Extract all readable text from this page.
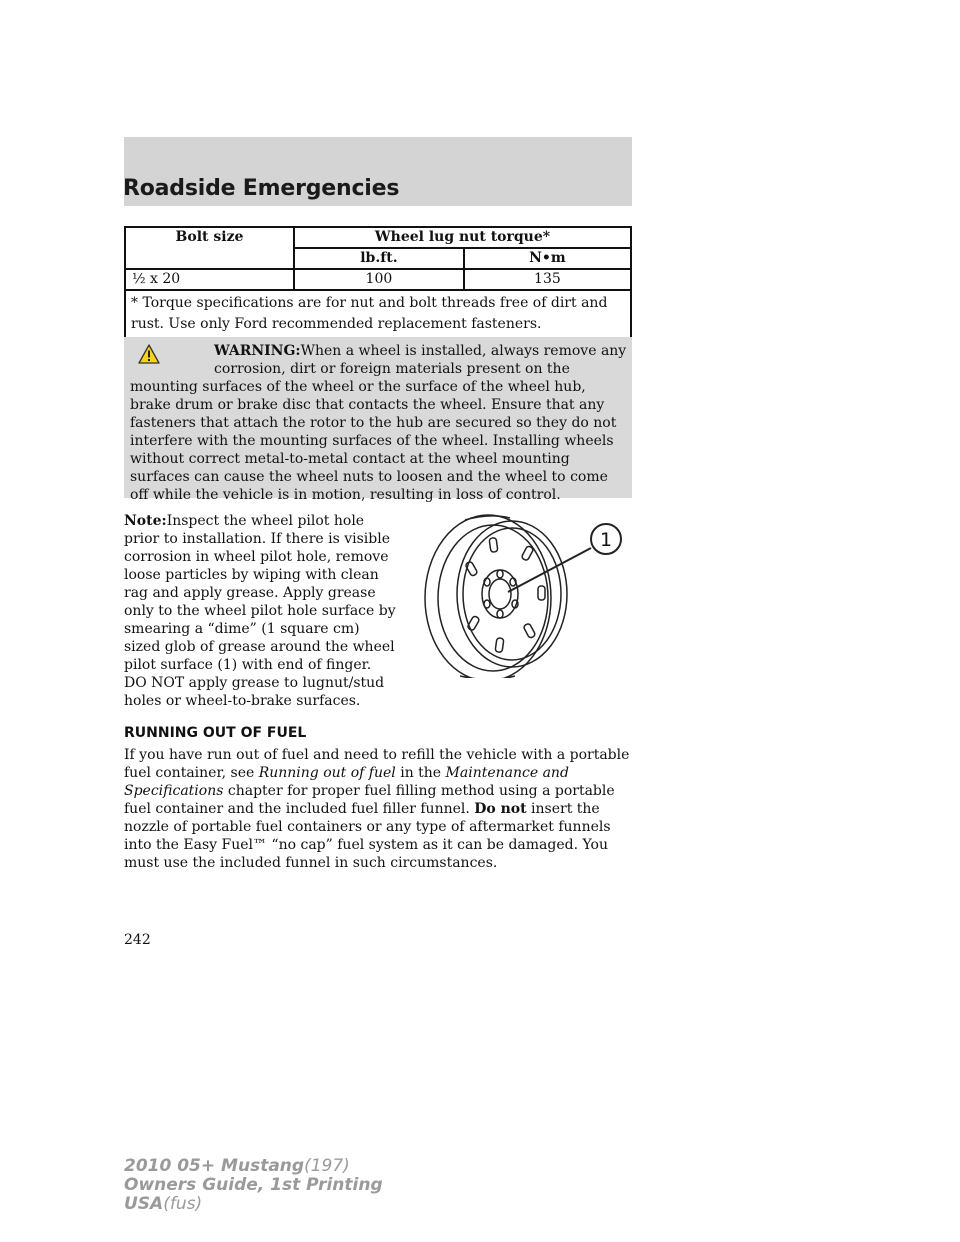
Roadside Emergencies
Bolt size	Wheel lug nut torque*	
	lb.ft.	N•m
½ x 20	100	135
* Torque specifications are for nut and bolt threads free of dirt and rust. Use only Ford recommended replacement fasteners.		

WARNING:When a wheel is installed, always remove any
corrosion, dirt or foreign materials present on the mounting surfaces of the wheel or the surface of the wheel hub, brake drum or brake disc that contacts the wheel. Ensure that any fasteners that attach the rotor to the hub are secured so they do not interfere with the mounting surfaces of the wheel. Installing wheels without correct metal-to-metal contact at the wheel mounting surfaces can cause the wheel nuts to loosen and the wheel to come off while the vehicle is in motion, resulting in loss of control.

Note:Inspect the wheel pilot hole prior to installation. If there is visible corrosion in wheel pilot hole, remove loose particles by wiping with clean rag and apply grease. Apply grease only to the wheel pilot hole surface by smearing a “dime” (1 square cm) sized glob of grease around the wheel pilot surface (1) with end of finger. DO NOT apply grease to lugnut/stud holes or wheel-to-brake surfaces.

1
RUNNING OUT OF FUEL

If you have run out of fuel and need to refill the vehicle with a portable fuel container, see Running out of fuel in the Maintenance and Specifications chapter for proper fuel filling method using a portable fuel container and the included fuel filler funnel. Do not insert the nozzle of portable fuel containers or any type of aftermarket funnels into the Easy Fuel™ “no cap” fuel system as it can be damaged. You must use the included funnel in such circumstances.

242
2010 05+ Mustang(197)
Owners Guide, 1st Printing
USA(fus)
